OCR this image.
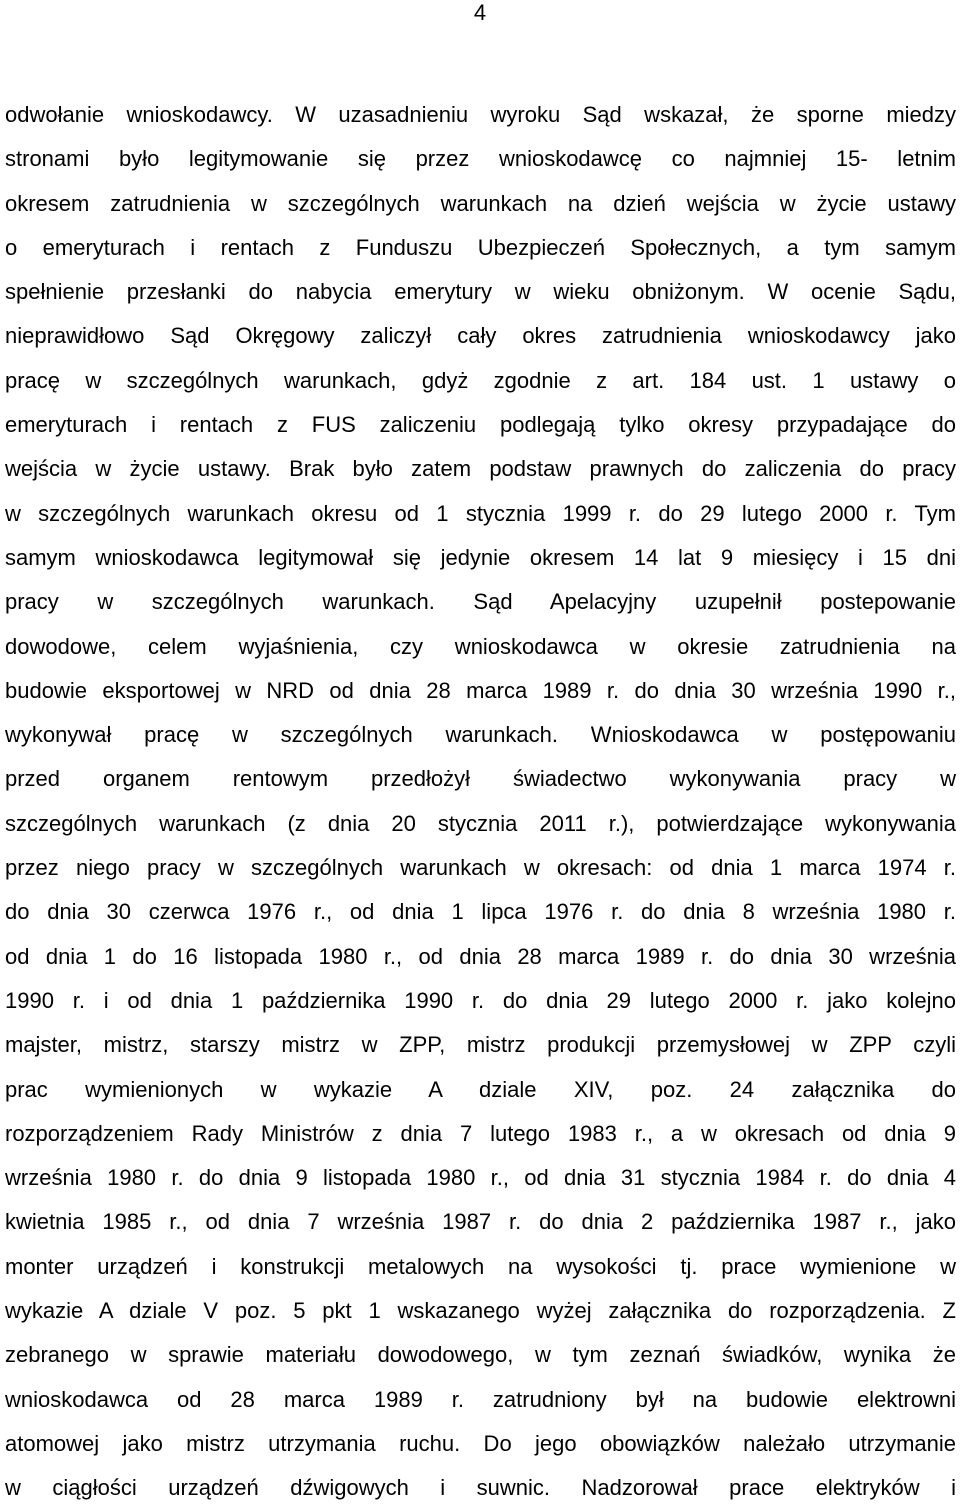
4
odwołanie wnioskodawcy. W uzasadnieniu wyroku Sąd wskazał, że sporne miedzy
stronami było legitymowanie się przez wnioskodawcę co najmniej 15- letnim
okresem zatrudnienia w szczególnych warunkach na dzień wejścia w życie ustawy
o emeryturach i rentach z Funduszu Ubezpieczeń Społecznych, a tym samym
spełnienie przesłanki do nabycia emerytury w wieku obniżonym. W ocenie Sądu,
nieprawidłowo Sąd Okręgowy zaliczył cały okres zatrudnienia wnioskodawcy jako
pracę w szczególnych warunkach, gdyż zgodnie z art. 184 ust. 1 ustawy o
emeryturach i rentach z FUS zaliczeniu podlegają tylko okresy przypadające do
wejścia w życie ustawy. Brak było zatem podstaw prawnych do zaliczenia do pracy
w szczególnych warunkach okresu od 1 stycznia 1999 r. do 29 lutego 2000 r. Tym
samym wnioskodawca legitymował się jedynie okresem 14 lat 9 miesięcy i 15 dni
pracy w szczególnych warunkach. Sąd Apelacyjny uzupełnił postepowanie
dowodowe, celem wyjaśnienia, czy wnioskodawca w okresie zatrudnienia na
budowie eksportowej w NRD od dnia 28 marca 1989 r. do dnia 30 września 1990 r.,
wykonywał pracę w szczególnych warunkach. Wnioskodawca w postępowaniu
przed organem rentowym przedłożył świadectwo wykonywania pracy w
szczególnych warunkach (z dnia 20 stycznia 2011 r.), potwierdzające wykonywania
przez niego pracy w szczególnych warunkach w okresach: od dnia 1 marca 1974 r.
do dnia 30 czerwca 1976 r., od dnia 1 lipca 1976 r. do dnia 8 września 1980 r.
od dnia 1 do 16 listopada 1980 r., od dnia 28 marca 1989 r. do dnia 30 września
1990 r. i od dnia 1 października 1990 r. do dnia 29 lutego 2000 r. jako kolejno
majster, mistrz, starszy mistrz w ZPP, mistrz produkcji przemysłowej w ZPP czyli
prac wymienionych w wykazie A dziale XIV, poz. 24 załącznika do
rozporządzeniem Rady Ministrów z dnia 7 lutego 1983 r., a w okresach od dnia 9
września 1980 r. do dnia 9 listopada 1980 r., od dnia 31 stycznia 1984 r. do dnia 4
kwietnia 1985 r., od dnia 7 września 1987 r. do dnia 2 października 1987 r., jako
monter urządzeń i konstrukcji metalowych na wysokości tj. prace wymienione w
wykazie A dziale V poz. 5 pkt 1 wskazanego wyżej załącznika do rozporządzenia. Z
zebranego w sprawie materiału dowodowego, w tym zeznań świadków, wynika że
wnioskodawca od 28 marca 1989 r. zatrudniony był na budowie elektrowni
atomowej jako mistrz utrzymania ruchu. Do jego obowiązków należało utrzymanie
w ciągłości urządzeń dźwigowych i suwnic. Nadzorował prace elektryków i
